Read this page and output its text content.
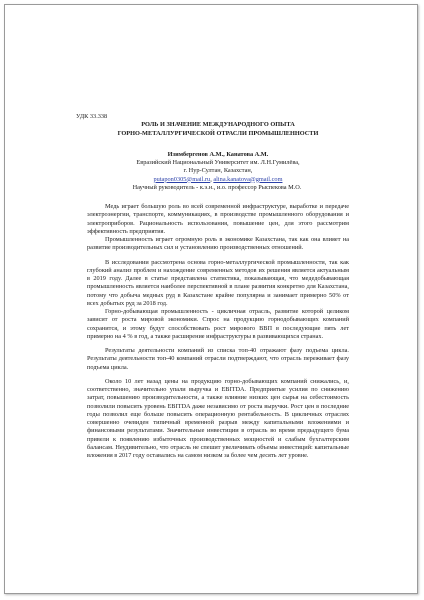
УДК 33.338

РОЛЬ И ЗНАЧЕНИЕ МЕЖДУНАРОДНОГО ОПЫТА

ГОРНО-МЕТАЛЛУРГИЧЕСКОЙ ОТРАСЛИ ПРОМЫШЛЕННОСТИ

Изимбергенов А.М., Канатова А.М.

Евразийский Национальный Университет им. Л.Н.Гумилёва,

г. Нур-Султан, Казахстан,

putapon0305@mail.ru, alina.kanatova@gmail.com

Научный руководитель - к.э.н., и.о. профессор Рыспекова М.О.

Медь играет большую роль во всей современной инфраструктуре, выработке и передаче электроэнергии, транспорте, коммуникациях, в производстве промышленного оборудования и электроприборов. Рациональность использования, повышение цен, для этого рассмотрим эффективность предприятия.

Промышленность играет огромную роль в экономике Казахстана, так как она влияет на развитие производительных сил и установлению производственных отношений.

В исследовании рассмотрена основа горно-металлургической промышленности, так как глубокий анализ проблем и нахождение современных методов их решения является актуальным в 2019 году. Далее в статье представлена статистика, показывающая, что медедобывающая промышленность является наиболее перспективной в плане развития конкретно для Казахстана, потому что добыча медных руд в Казахстане крайне популярна и занимает примерно 50% от всех добытых руд за 2018 год.

Горно-добывающая промышленность - цикличная отрасль, развитие которой целиком зависит от роста мировой экономики. Спрос на продукцию горнодобывающих компаний сохранится, и этому будут способствовать рост мирового ВВП в последующие пять лет примерно на 4 % в год, а также расширение инфраструктуры в развивающихся странах.

Результаты деятельности компаний из списка топ-40 отражают фазу подъема цикла. Результаты деятельности топ-40 компаний отрасли подтверждают, что отрасль переживает фазу подъема цикла.

Около 10 лет назад цены на продукцию горно-добывающих компаний снижались, и, соответственно, значительно упали выручка и EBITDA. Предприятые усилия по снижению затрат, повышению производительности, а также влияние низких цен сырья на себестоимость позволили повысить уровень EBITDA даже независимо от роста выручки. Рост цен в последние годы позволил еще больше повысить операционную рентабельность. В цикличных отраслях совершенно очевиден типичный временной разрыв между капитальными вложениями и финансовыми результатами. Значительные инвестиции в отрасль во время предыдущего бума привели к появлению избыточных производственных мощностей и слабым бухгалтерским балансам. Неудивительно, что отрасль не спешит увеличивать объемы инвестиций: капитальные вложения в 2017 году оставались на самом низком за более чем десять лет уровне.
